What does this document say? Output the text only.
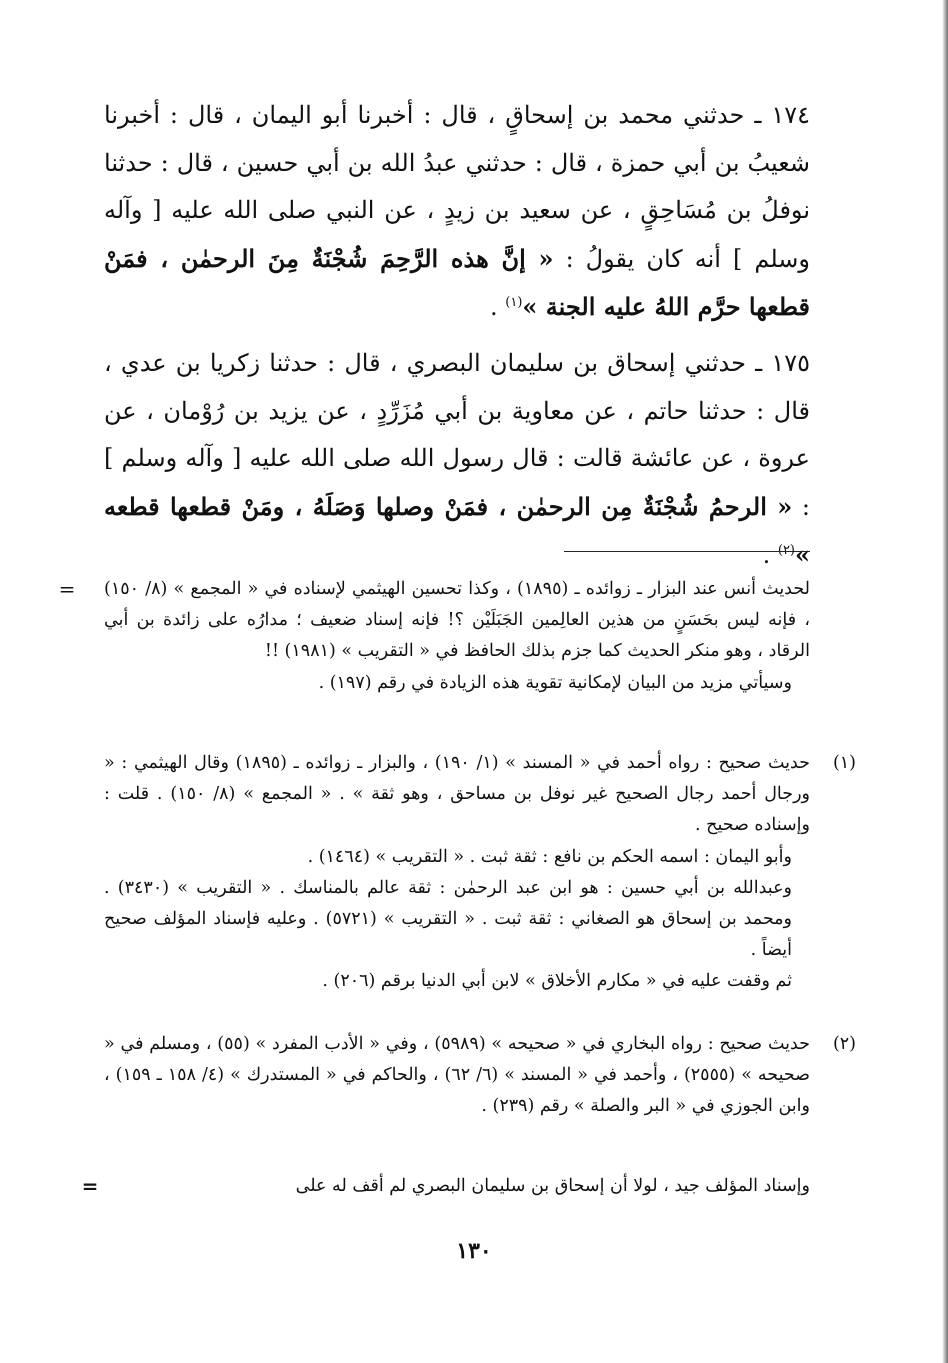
١٧٤ ـ حدثني محمد بن إسحاقٍ ، قال : أخبرنا أبو اليمان ، قال : أخبرنا شعيبُ بن أبي حمزة ، قال : حدثني عبدُ الله بن أبي حسين ، قال : حدثنا نوفلُ بن مُسَاحِقٍ ، عن سعيد بن زيدٍ ، عن النبي صلى الله عليه [ وآله وسلم ] أنه كان يقولُ : « إنَّ هذه الرَّحِمَ شُجْنَةٌ مِنَ الرحمٰن ، فمَنْ قطعها حرَّم اللهُ عليه الجنة »$^{(١)}$ .

١٧٥ ـ حدثني إسحاق بن سليمان البصري ، قال : حدثنا زكريا بن عدي ، قال : حدثنا حاتم ، عن معاوية بن أبي مُزَرِّدٍ ، عن يزيد بن رُوْمان ، عن عروة ، عن عائشة قالت : قال رسول الله صلى الله عليه [ وآله وسلم ] : « الرحمُ شُجْنَةٌ مِن الرحمٰن ، فمَنْ وصلها وَصَلَهُ ، ومَنْ قطعها قطعه »$^{(٢)}$ .

= لحديث أنس عند البزار ـ زوائده ـ (١٨٩٥) ، وكذا تحسين الهيثمي لإسناده في « المجمع » (٨/ ١٥٠) ، فإنه ليس بحَسَنٍ من هذين العالِمين الجَبَلَيْن ؟! فإنه إسناد ضعيف ؛ مدارُه على زائدة بن أبي الرقاد ، وهو منكر الحديث كما جزم بذلك الحافظ في « التقريب » (١٩٨١) !!

وسيأتي مزيد من البيان لإمكانية تقوية هذه الزيادة في رقم (١٩٧) .

(١)

حديث صحيح : رواه أحمد في « المسند » (١/ ١٩٠) ، والبزار ـ زوائده ـ (١٨٩٥) وقال الهيثمي : « ورجال أحمد رجال الصحيح غير نوفل بن مساحق ، وهو ثقة » . « المجمع » (٨/ ١٥٠) . قلت : وإسناده صحيح .

وأبو اليمان : اسمه الحكم بن نافع : ثقة ثبت . « التقريب » (١٤٦٤) .

وعبدالله بن أبي حسين : هو ابن عبد الرحمٰن : ثقة عالم بالمناسك . « التقريب » (٣٤٣٠) . ومحمد بن إسحاق هو الصغاني : ثقة ثبت . « التقريب » (٥٧٢١) . وعليه فإسناد المؤلف صحيح أيضاً .

ثم وقفت عليه في « مكارم الأخلاق » لابن أبي الدنيا برقم (٢٠٦) .

(٢)

حديث صحيح : رواه البخاري في « صحيحه » (٥٩٨٩) ، وفي « الأدب المفرد » (٥٥) ، ومسلم في « صحيحه » (٢٥٥٥) ، وأحمد في « المسند » (٦/ ٦٢) ، والحاكم في « المستدرك » (٤/ ١٥٨ ـ ١٥٩) ، وابن الجوزي في « البر والصلة » رقم (٢٣٩) .

وإسناد المؤلف جيد ، لولا أن إسحاق بن سليمان البصري لم أقف له على

=
١٣٠
